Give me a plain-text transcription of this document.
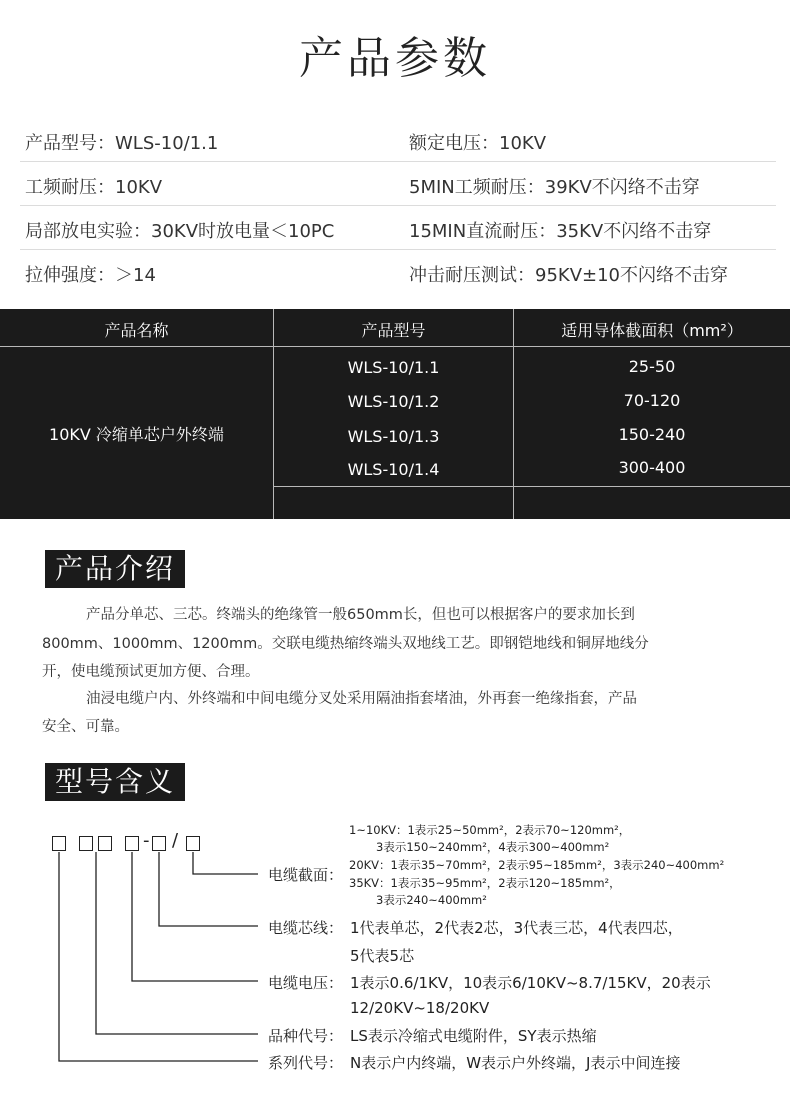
产品参数
产品型号：WLS-10/1.1	额定电压：10KV
工频耐压：10KV	5MIN工频耐压：39KV不闪络不击穿
局部放电实验：30KV时放电量＜10PC	15MIN直流耐压：35KV不闪络不击穿
拉伸强度：＞14	冲击耐压测试：95KV±10不闪络不击穿
产品名称	产品型号	适用导体截面积（mm²）
10KV 冷缩单芯户外终端
WLS-10/1.1	25-50
WLS-10/1.2	70-120
WLS-10/1.3	150-240
WLS-10/1.4	300-400
产品介绍
产品分单芯、三芯。终端头的绝缘管一般650mm长，但也可以根据客户的要求加长到
800mm、1000mm、1200mm。交联电缆热缩终端头双地线工艺。即钢铠地线和铜屏地线分
开，使电缆预试更加方便、合理。
油浸电缆户内、外终端和中间电缆分叉处采用隔油指套堵油，外再套一绝缘指套，产品
安全、可靠。
型号含义
- /	1~10KV：1表示25~50mm²，2表示70~120mm²，
3表示150~240mm²，4表示300~400mm²
20KV：1表示35~70mm²，2表示95~185mm²，3表示240~400mm²
35KV：1表示35~95mm²，2表示120~185mm²，
3表示240~400mm²
电缆截面：
电缆芯线： 1代表单芯，2代表2芯，3代表三芯，4代表四芯，
5代表5芯
电缆电压： 1表示0.6/1KV，10表示6/10KV~8.7/15KV，20表示
12/20KV~18/20KV
品种代号： LS表示冷缩式电缆附件，SY表示热缩
系列代号： N表示户内终端，W表示户外终端，J表示中间连接
